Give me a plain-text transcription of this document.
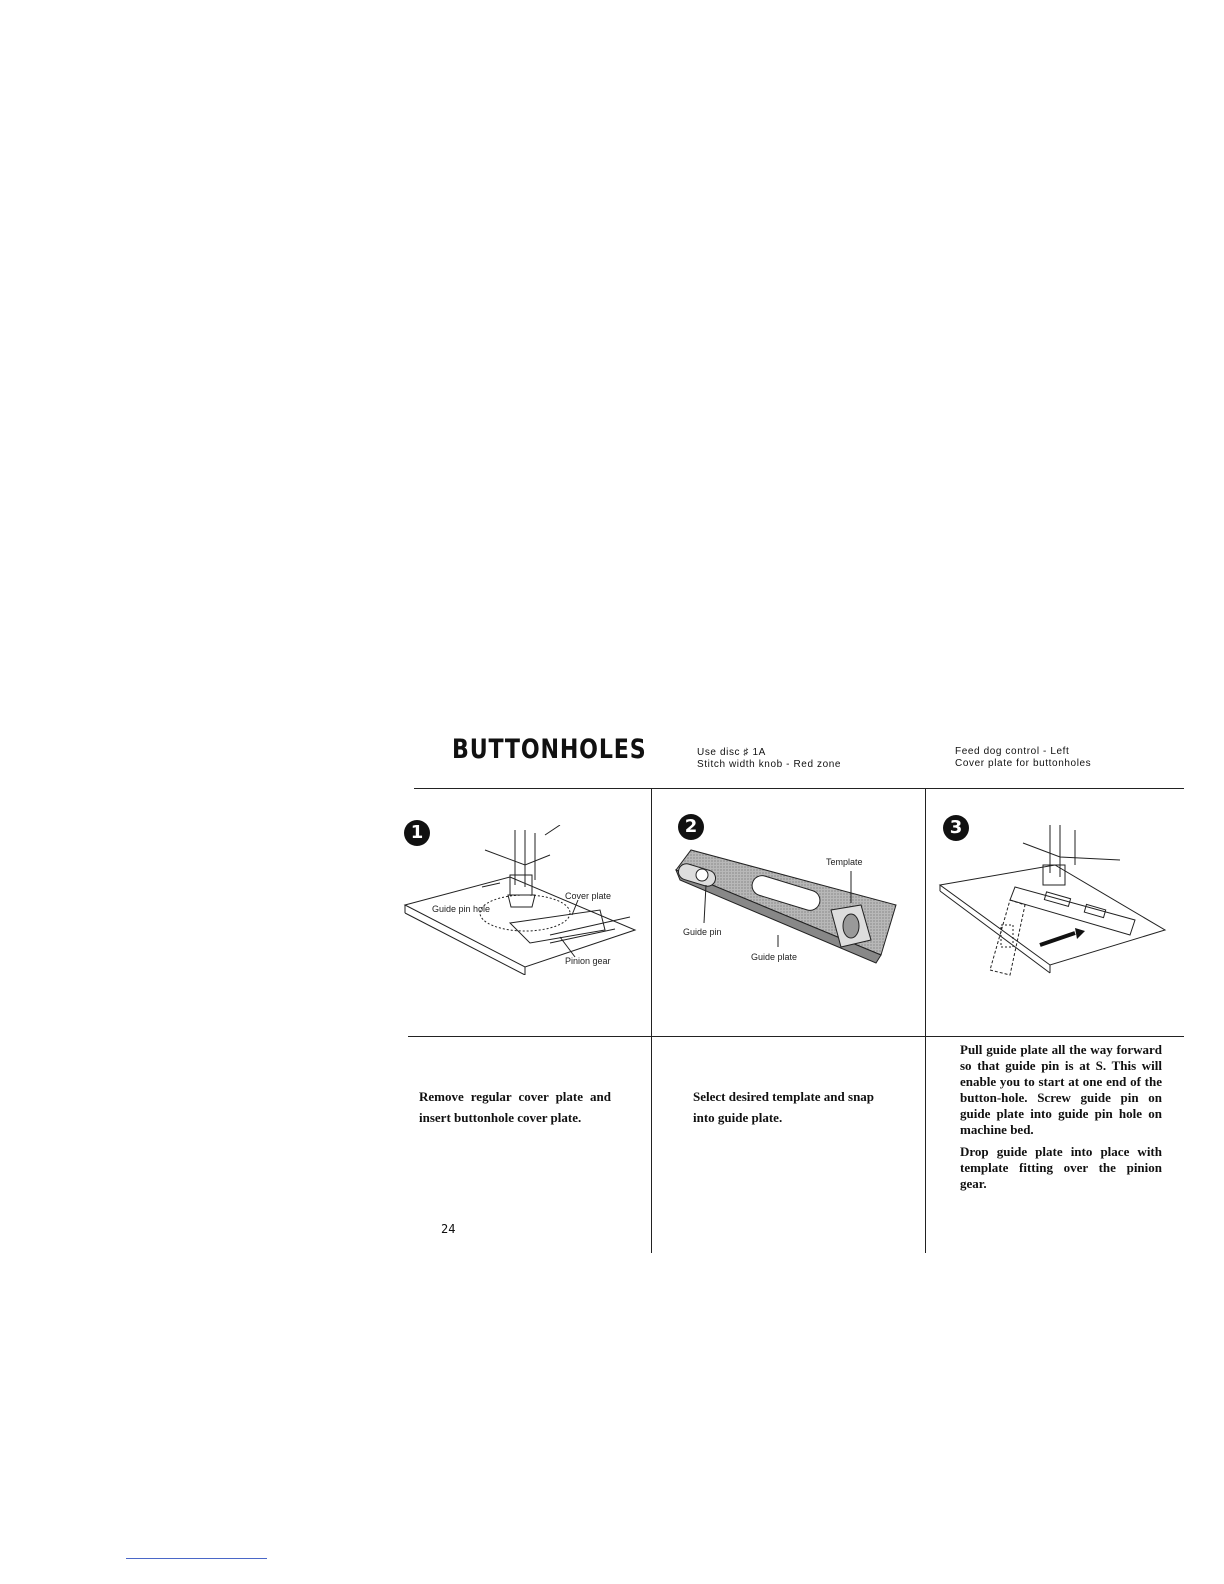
BUTTONHOLES	Use disc ♯ 1A
Stitch width knob - Red zone
Feed dog control - Left
Cover plate for buttonholes
1	2	3
Cover plate
Guide pin hole
Pinion gear
Template
Guide pin
Guide plate
Remove regular cover plate and insert buttonhole cover plate.
Select desired template and snap into guide plate.
Pull guide plate all the way forward so that guide pin is at S. This will enable you to start at one end of the button-hole. Screw guide pin on guide plate into guide pin hole on machine bed.
Drop guide plate into place with template fitting over the pinion gear.
24
